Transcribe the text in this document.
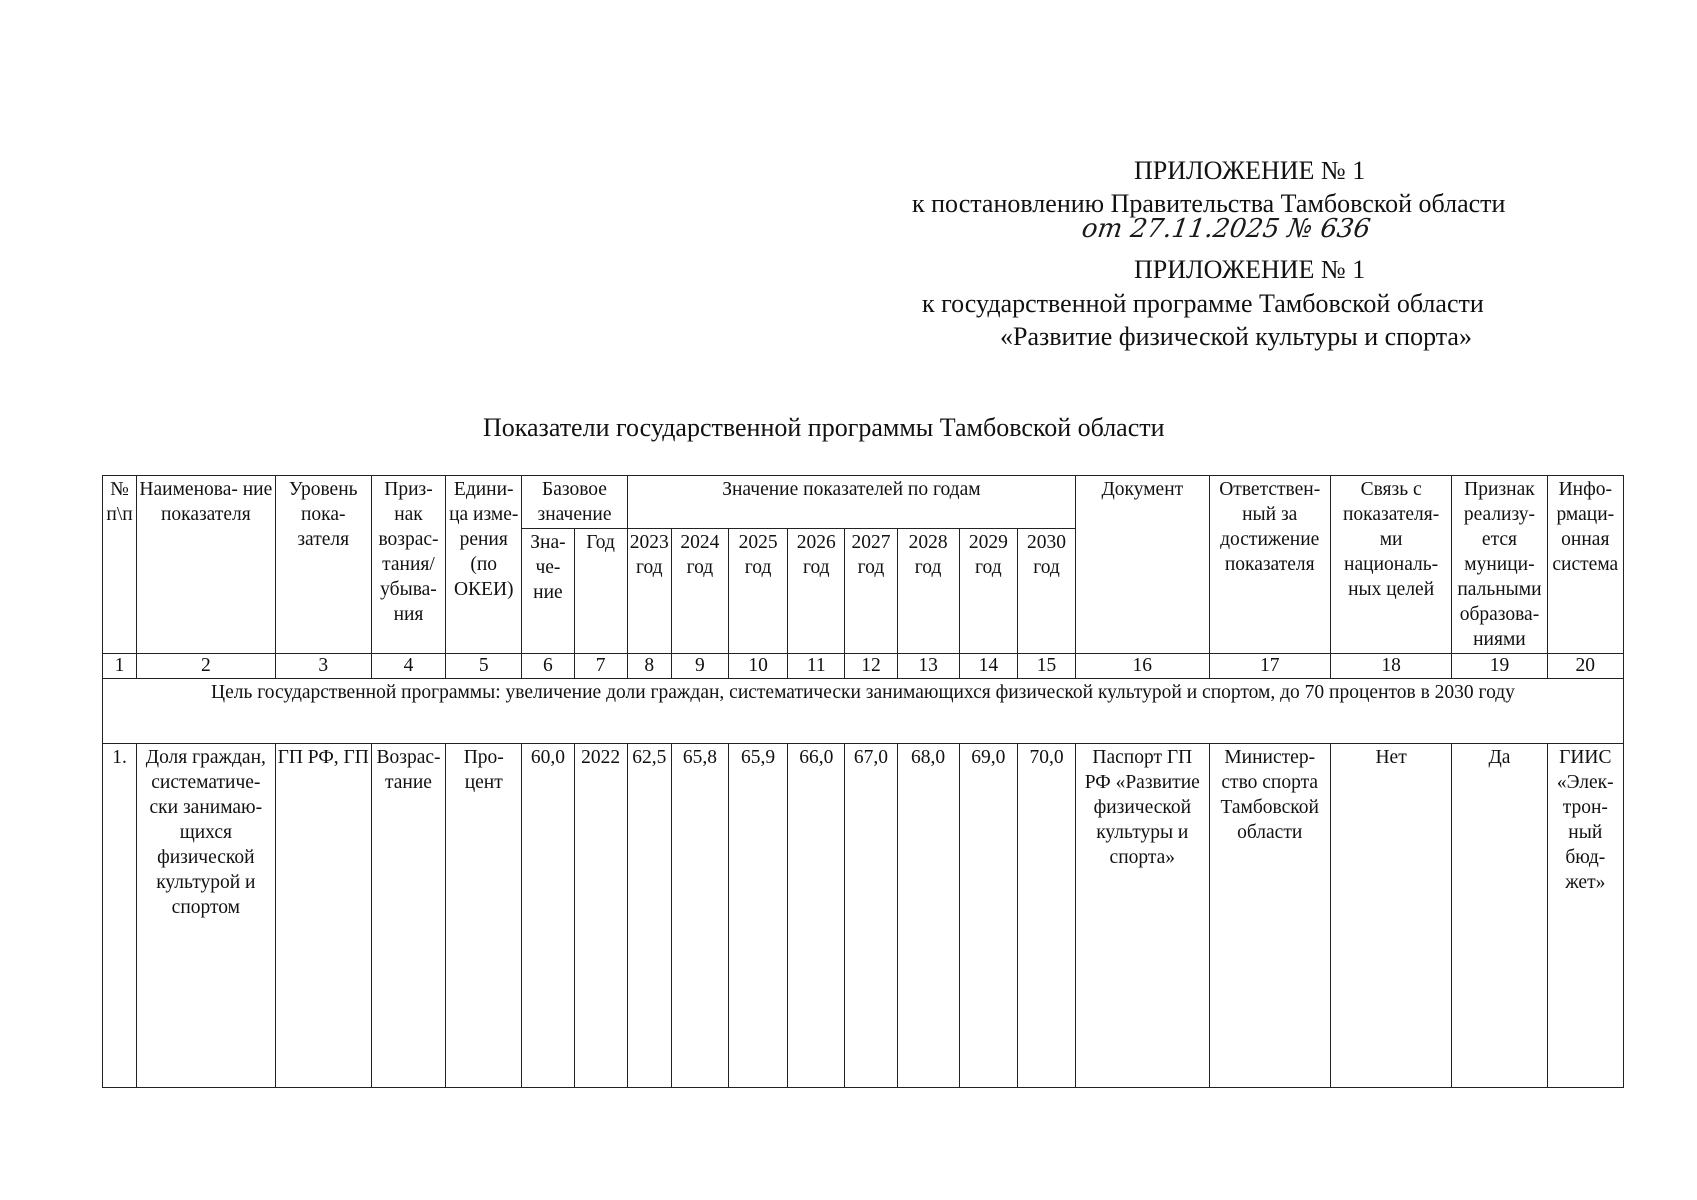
ПРИЛОЖЕНИЕ № 1
к постановлению Правительства Тамбовской области
от 27.11.2025 № 636
ПРИЛОЖЕНИЕ № 1
к государственной программе Тамбовской области
«Развитие физической культуры и спорта»
Показатели государственной программы Тамбовской области
№ п\п	Наименова- ние показателя	Уровень пока- зателя	Приз- нак возрас- тания/ убыва- ния	Едини- ца изме- рения (по ОКЕИ)	Базовое значение		Значение показателей по годам								Документ	Ответствен- ный за достижение показателя	Связь с показателя- ми националь- ных целей	Признак реализу- ется муници- пальными образова- ниями	Инфо- рмаци- онная система
					Зна- че- ние	Год	2023 год	2024 год	2025 год	2026 год	2027 год	2028 год	2029 год	2030 год					
1	2	3	4	5	6	7	8	9	10	11	12	13	14	15	16	17	18	19	20
Цель государственной программы: увеличение доли граждан, систематически занимающихся физической культурой и спортом, до 70 процентов в 2030 году																			
1.	Доля граждан, систематиче- ски занимаю- щихся физической культурой и спортом	ГП РФ, ГП	Возрас- тание	Про- цент	60,0	2022	62,5	65,8	65,9	66,0	67,0	68,0	69,0	70,0	Паспорт ГП РФ «Развитие физической культуры и спорта»	Министер- ство спорта Тамбовской области	Нет	Да	ГИИС «Элек- трон- ный бюд- жет»
